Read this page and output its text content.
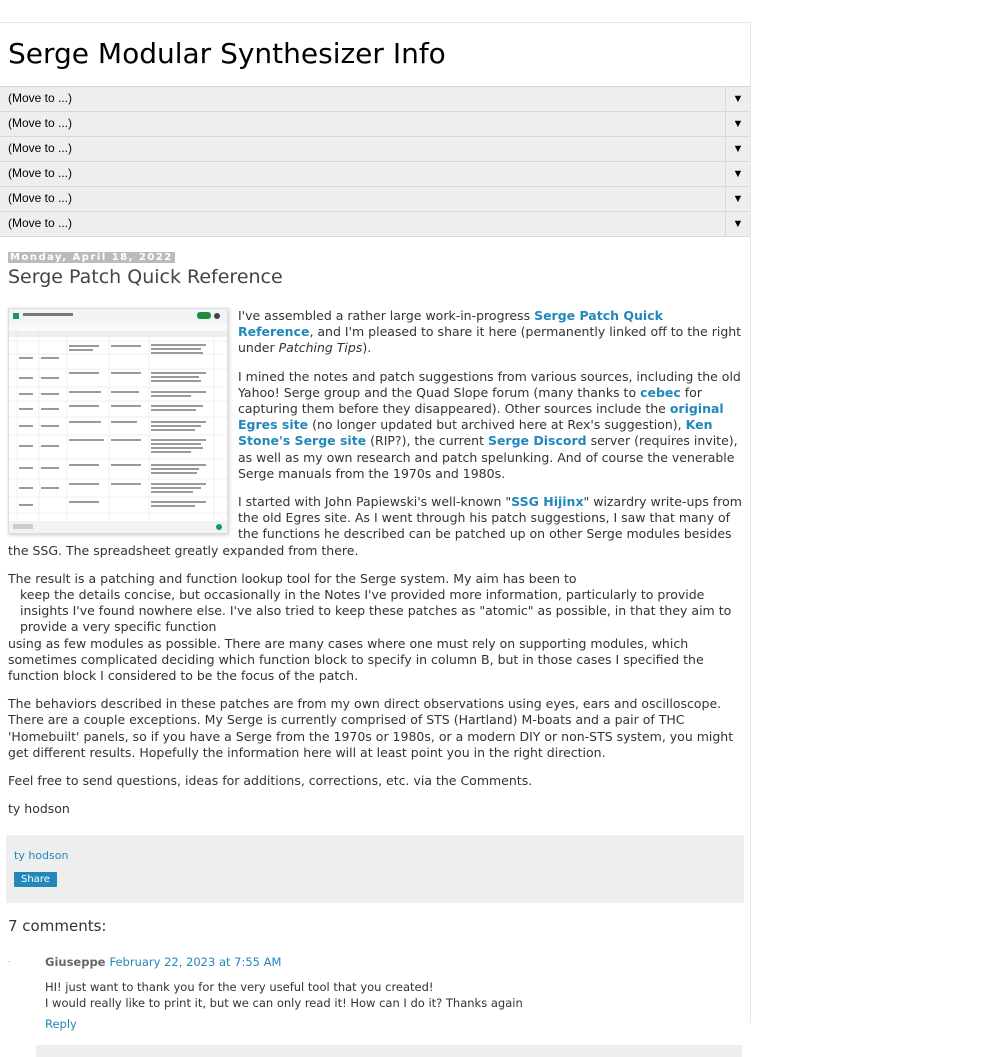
Serge Modular Synthesizer Info
(Move to ...)	▼
(Move to ...)	▼
(Move to ...)	▼
(Move to ...)	▼
(Move to ...)	▼
(Move to ...)	▼
Monday, April 18, 2022
Serge Patch Quick Reference

I've assembled a rather large work-in-progress Serge Patch Quick Reference, and I'm pleased to share it here (permanently linked off to the right under Patching Tips).

I mined the notes and patch suggestions from various sources, including the old Yahoo! Serge group and the Quad Slope forum (many thanks to cebec for capturing them before they disappeared). Other sources include the original Egres site (no longer updated but archived here at Rex's suggestion), Ken Stone's Serge site (RIP?), the current Serge Discord server (requires invite), as well as my own research and patch spelunking. And of course the venerable Serge manuals from the 1970s and 1980s.

I started with John Papiewski's well-known "SSG Hijinx" wizardry write-ups from the old Egres site. As I went through his patch suggestions, I saw that many of the functions he described can be patched up on other Serge modules besides the SSG. The spreadsheet greatly expanded from there.

The result is a patching and function lookup tool for the Serge system. My aim has been to

keep the details concise, but occasionally in the Notes I've provided more information, particularly to provide insights I've found nowhere else. I've also tried to keep these patches as "atomic" as possible, in that they aim to provide a very specific function

using as few modules as possible. There are many cases where one must rely on supporting modules, which sometimes complicated deciding which function block to specify in column B, but in those cases I specified the function block I considered to be the focus of the patch.

The behaviors described in these patches are from my own direct observations using eyes, ears and oscilloscope. There are a couple exceptions. My Serge is currently comprised of STS (Hartland) M-boats and a pair of THC 'Homebuilt' panels, so if you have a Serge from the 1970s or 1980s, or a modern DIY or non-STS system, you might get different results. Hopefully the information here will at least point you in the right direction.

Feel free to send questions, ideas for additions, corrections, etc. via the Comments.

ty hodson

ty hodson
Share
7 comments:
Giuseppe February 22, 2023 at 7:55 AM
HI! just want to thank you for the very useful tool that you created!
I would really like to print it, but we can only read it! How can I do it? Thanks again
Reply
